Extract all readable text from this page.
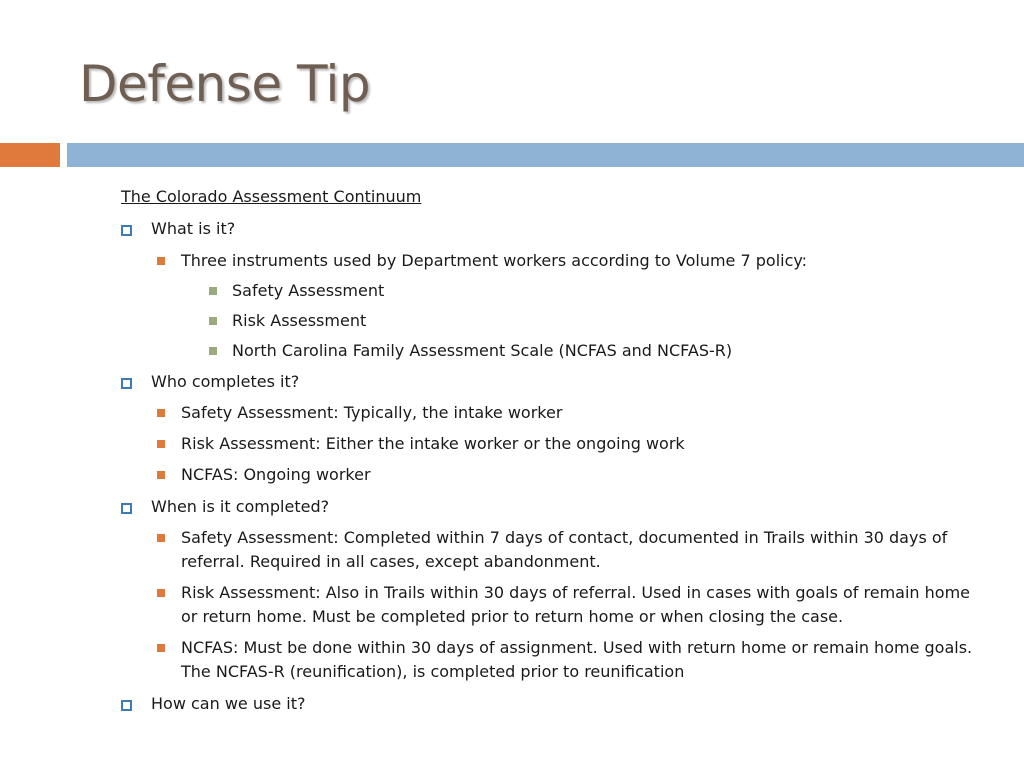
Defense Tip
The Colorado Assessment Continuum
What is it?
Three instruments used by Department workers according to Volume 7 policy:
Safety Assessment
Risk Assessment
North Carolina Family Assessment Scale (NCFAS and NCFAS-R)
Who completes it?
Safety Assessment: Typically, the intake worker
Risk Assessment: Either the intake worker or the ongoing work
NCFAS: Ongoing worker
When is it completed?
Safety Assessment: Completed within 7 days of contact, documented in Trails within 30 days of referral. Required in all cases, except abandonment.
Risk Assessment: Also in Trails within 30 days of referral. Used in cases with goals of remain home or return home. Must be completed prior to return home or when closing the case.
NCFAS: Must be done within 30 days of assignment. Used with return home or remain home goals. The NCFAS-R (reunification), is completed prior to reunification
How can we use it?
